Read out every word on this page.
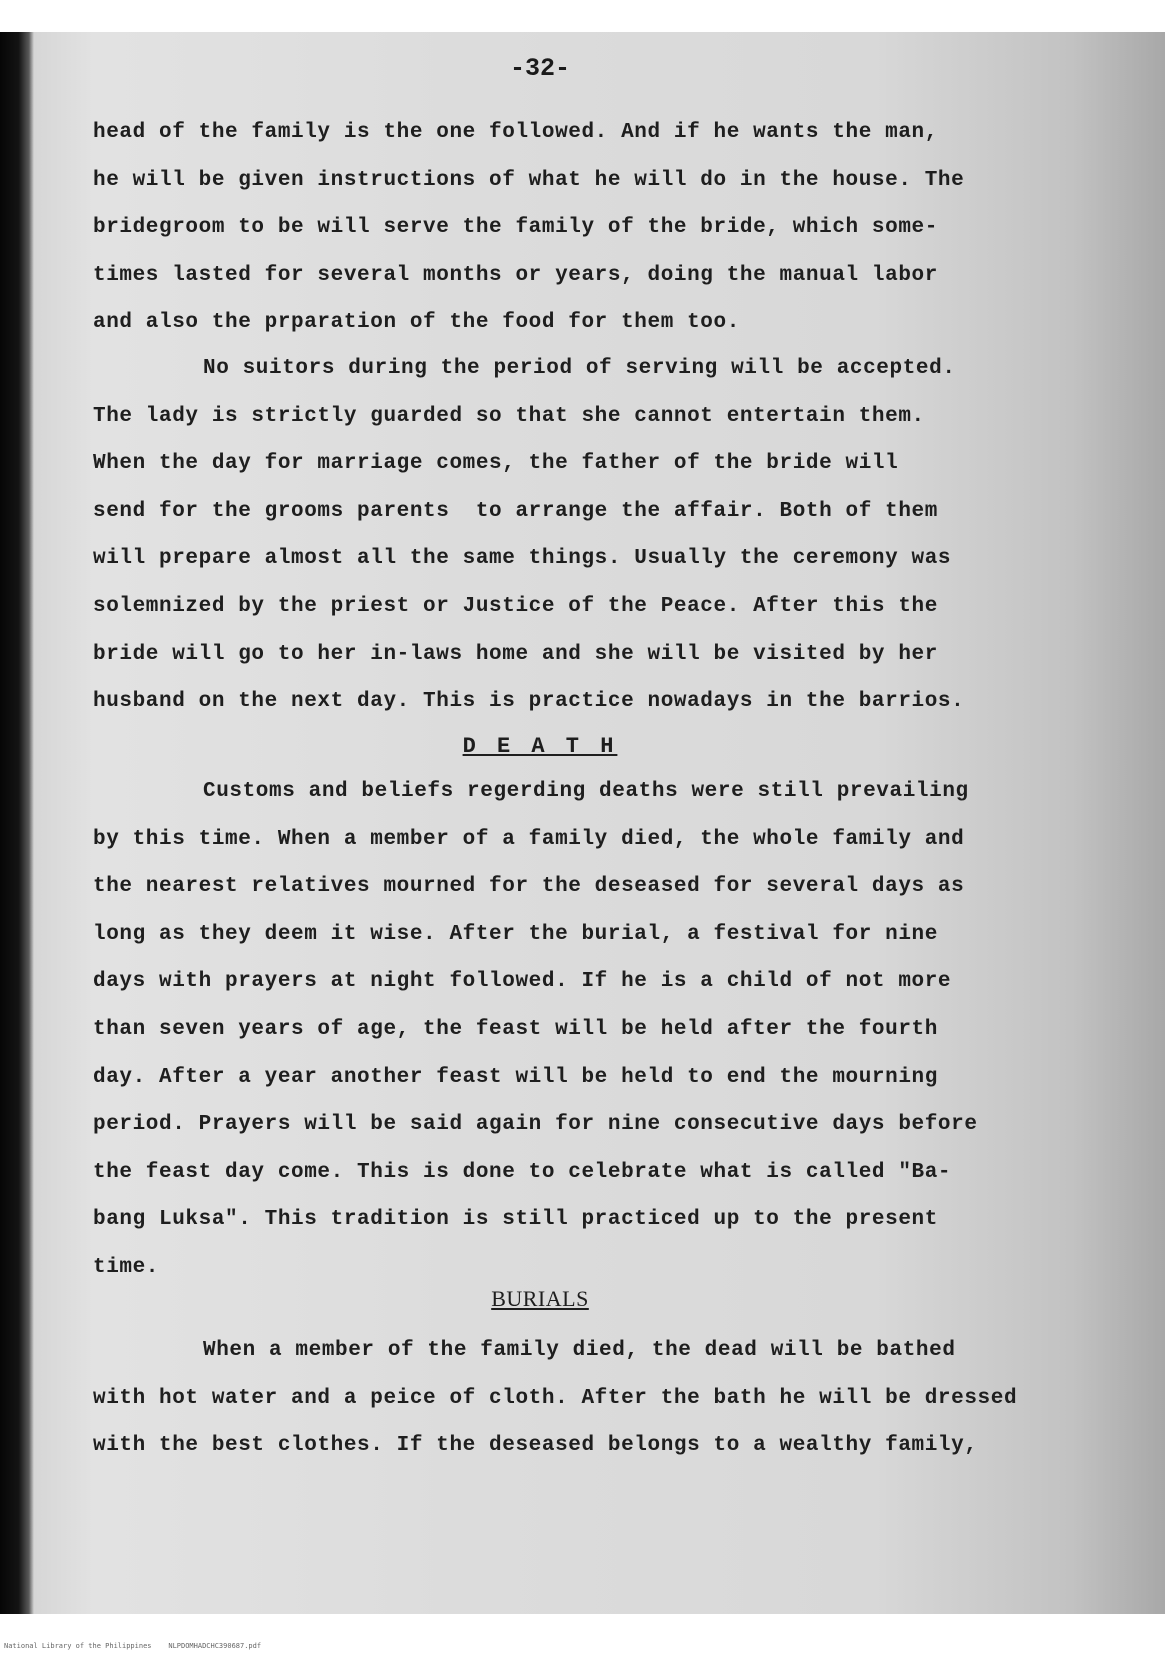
-32-
head of the family is the one followed. And if he wants the man,
he will be given instructions of what he will do in the house. The
bridegroom to be will serve the family of the bride, which some-
times lasted for several months or years, doing the manual labor
and also the prparation of the food for them too.
No suitors during the period of serving will be accepted.
The lady is strictly guarded so that she cannot entertain them.
When the day for marriage comes, the father of the bride will
send for the grooms parents  to arrange the affair. Both of them
will prepare almost all the same things. Usually the ceremony was
solemnized by the priest or Justice of the Peace. After this the
bride will go to her in-laws home and she will be visited by her
husband on the next day. This is practice nowadays in the barrios.
D E A T H
Customs and beliefs regerding deaths were still prevailing
by this time. When a member of a family died, the whole family and
the nearest relatives mourned for the deseased for several days as
long as they deem it wise. After the burial, a festival for nine
days with prayers at night followed. If he is a child of not more
than seven years of age, the feast will be held after the fourth
day. After a year another feast will be held to end the mourning
period. Prayers will be said again for nine consecutive days before
the feast day come. This is done to celebrate what is called "Ba-
bang Luksa". This tradition is still practiced up to the present
time.
BURIALS
When a member of the family died, the dead will be bathed
with hot water and a peice of cloth. After the bath he will be dressed
with the best clothes. If the deseased belongs to a wealthy family,
National Library of the Philippines    NLPDOMHADCHC390687.pdf
